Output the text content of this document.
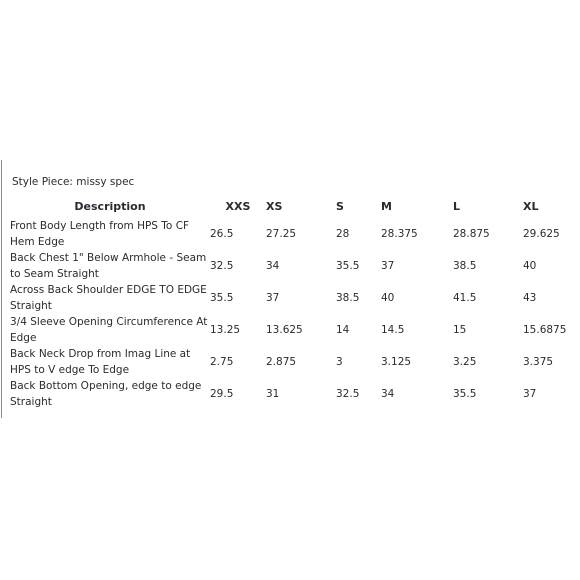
Style Piece: missy spec
Description	XXS	XS	S	M	L	XL
Front Body Length from HPS To CF Hem Edge	26.5	27.25	28	28.375	28.875	29.625
Back Chest 1" Below Armhole - Seam to Seam Straight	32.5	34	35.5	37	38.5	40
Across Back Shoulder EDGE TO EDGE Straight	35.5	37	38.5	40	41.5	43
3/4 Sleeve Opening Circumference At Edge	13.25	13.625	14	14.5	15	15.6875
Back Neck Drop from Imag Line at HPS to V edge To Edge	2.75	2.875	3	3.125	3.25	3.375
Back Bottom Opening, edge to edge Straight	29.5	31	32.5	34	35.5	37
